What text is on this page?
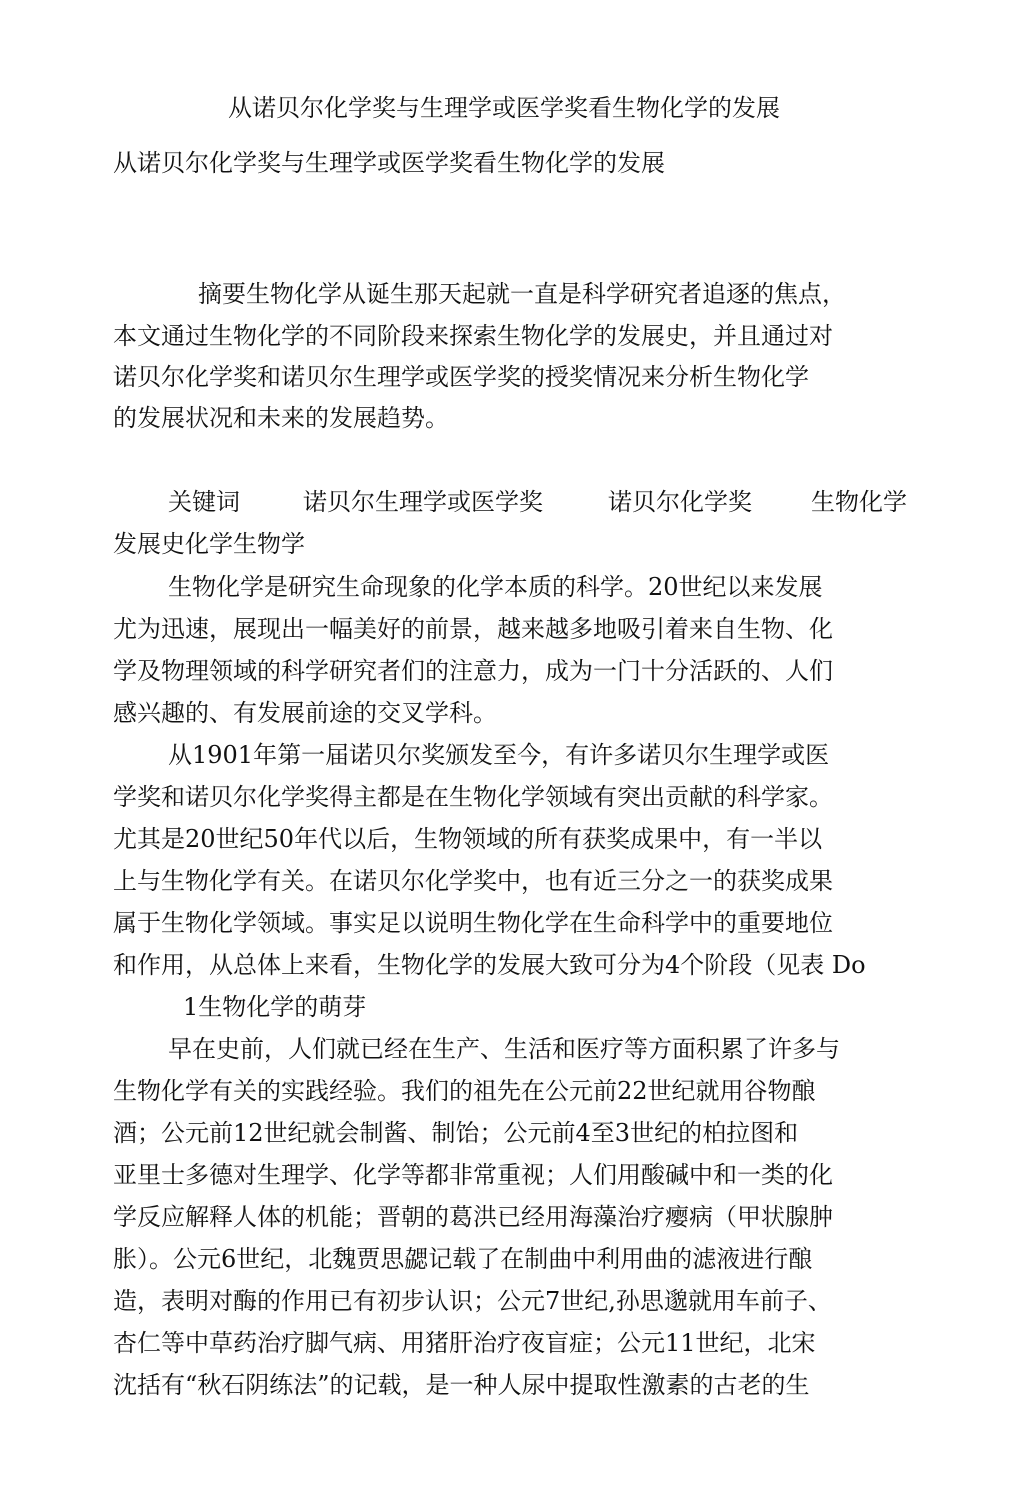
从诺贝尔化学奖与生理学或医学奖看生物化学的发展
从诺贝尔化学奖与生理学或医学奖看生物化学的发展
摘要生物化学从诞生那天起就一直是科学研究者追逐的焦点，
本文通过生物化学的不同阶段来探索生物化学的发展史，并且通过对
诺贝尔化学奖和诺贝尔生理学或医学奖的授奖情况来分析生物化学
的发展状况和未来的发展趋势。
关键词	诺贝尔生理学或医学奖	诺贝尔化学奖 生物化学
发展史化学生物学
生物化学是研究生命现象的化学本质的科学。20世纪以来发展
尤为迅速，展现出一幅美好的前景，越来越多地吸引着来自生物、化
学及物理领域的科学研究者们的注意力，成为一门十分活跃的、人们
感兴趣的、有发展前途的交叉学科。
从1901年第一届诺贝尔奖颁发至今，有许多诺贝尔生理学或医
学奖和诺贝尔化学奖得主都是在生物化学领域有突出贡献的科学家。
尤其是20世纪50年代以后，生物领域的所有获奖成果中，有一半以
上与生物化学有关。在诺贝尔化学奖中，也有近三分之一的获奖成果
属于生物化学领域。事实足以说明生物化学在生命科学中的重要地位
和作用，从总体上来看，生物化学的发展大致可分为4个阶段（见表 Do
1生物化学的萌芽
早在史前，人们就已经在生产、生活和医疗等方面积累了许多与
生物化学有关的实践经验。我们的祖先在公元前22世纪就用谷物酿
酒；公元前12世纪就会制酱、制饴；公元前4至3世纪的柏拉图和
亚里士多德对生理学、化学等都非常重视；人们用酸碱中和一类的化
学反应解释人体的机能；晋朝的葛洪已经用海藻治疗瘿病（甲状腺肿
胀）。公元6世纪，北魏贾思勰记载了在制曲中利用曲的滤液进行酿
造，表明对酶的作用已有初步认识；公元7世纪,孙思邈就用车前子、
杏仁等中草药治疗脚气病、用猪肝治疗夜盲症；公元11世纪，北宋
沈括有“秋石阴练法”的记载，是一种人尿中提取性激素的古老的生
